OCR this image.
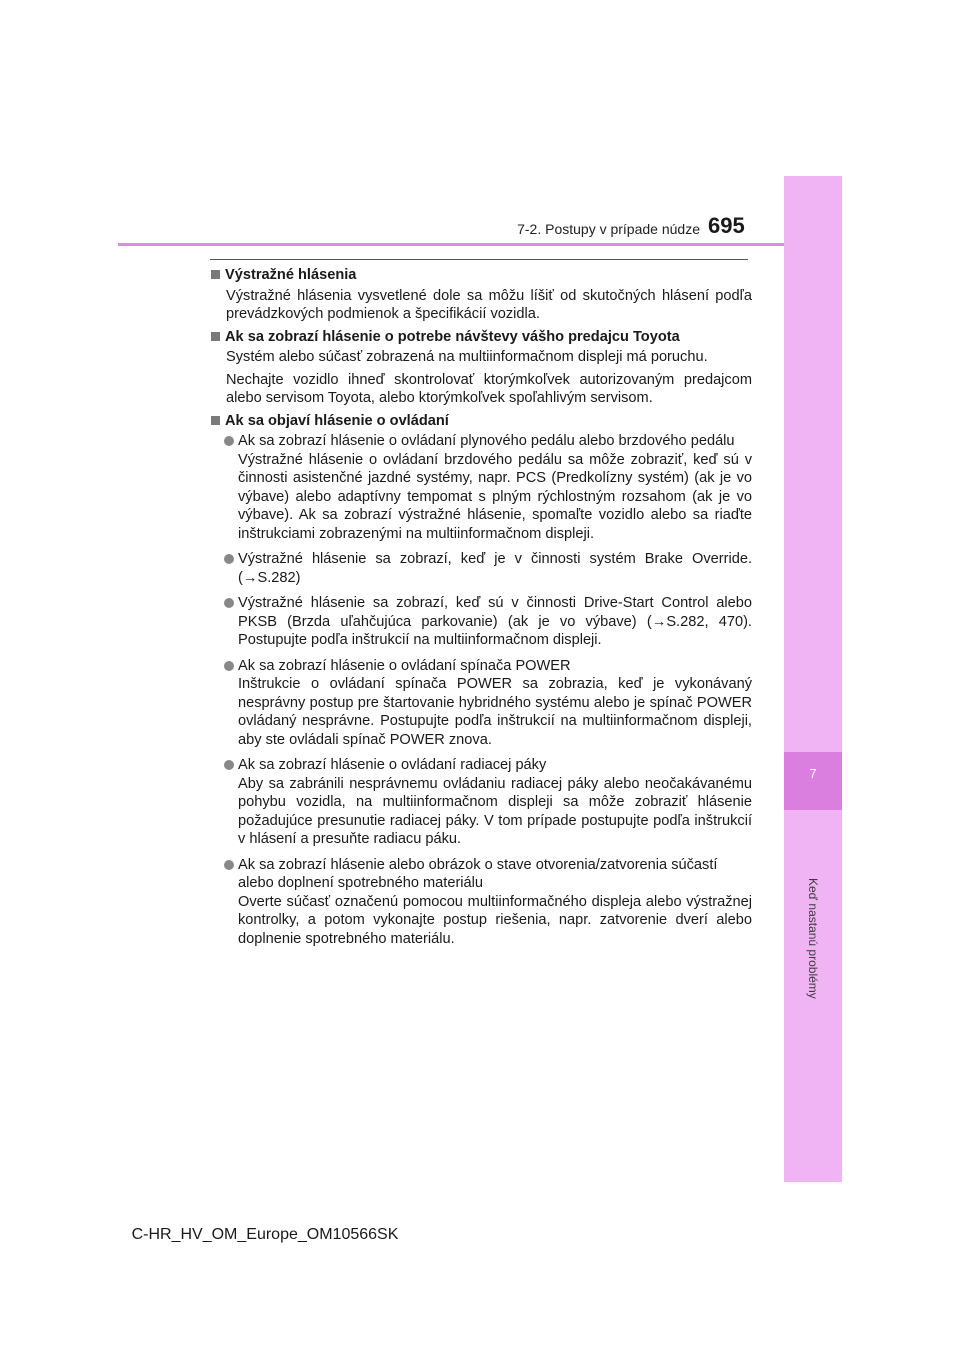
7
Keď nastanú problémy
7-2. Postupy v prípade núdze 695
Výstražné hlásenia
Výstražné hlásenia vysvetlené dole sa môžu líšiť od skutočných hlásení podľa prevádzkových podmienok a špecifikácií vozidla.
Ak sa zobrazí hlásenie o potrebe návštevy vášho predajcu Toyota
Systém alebo súčasť zobrazená na multiinformačnom displeji má poruchu.
Nechajte vozidlo ihneď skontrolovať ktorýmkoľvek autorizovaným predajcom alebo servisom Toyota, alebo ktorýmkoľvek spoľahlivým servisom.
Ak sa objaví hlásenie o ovládaní
Ak sa zobrazí hlásenie o ovládaní plynového pedálu alebo brzdového pedálu
Výstražné hlásenie o ovládaní brzdového pedálu sa môže zobraziť, keď sú v činnosti asistenčné jazdné systémy, napr. PCS (Predkolízny systém) (ak je vo výbave) alebo adaptívny tempomat s plným rýchlostným rozsahom (ak je vo výbave). Ak sa zobrazí výstražné hlásenie, spomaľte vozidlo alebo sa riaďte inštrukciami zobrazenými na multiinformačnom displeji.
Výstražné hlásenie sa zobrazí, keď je v činnosti systém Brake Override. (→S.282)
Výstražné hlásenie sa zobrazí, keď sú v činnosti Drive-Start Control alebo PKSB (Brzda uľahčujúca parkovanie) (ak je vo výbave) (→S.282, 470). Postupujte podľa inštrukcií na multiinformačnom displeji.
Ak sa zobrazí hlásenie o ovládaní spínača POWER
Inštrukcie o ovládaní spínača POWER sa zobrazia, keď je vykonávaný nesprávny postup pre štartovanie hybridného systému alebo je spínač POWER ovládaný nesprávne. Postupujte podľa inštrukcií na multiinformačnom displeji, aby ste ovládali spínač POWER znova.
Ak sa zobrazí hlásenie o ovládaní radiacej páky
Aby sa zabránili nesprávnemu ovládaniu radiacej páky alebo neočakávanému pohybu vozidla, na multiinformačnom displeji sa môže zobraziť hlásenie požadujúce presunutie radiacej páky. V tom prípade postupujte podľa inštrukcií v hlásení a presuňte radiacu páku.
Ak sa zobrazí hlásenie alebo obrázok o stave otvorenia/zatvorenia súčastí alebo doplnení spotrebného materiálu
Overte súčasť označenú pomocou multiinformačného displeja alebo výstražnej kontrolky, a potom vykonajte postup riešenia, napr. zatvorenie dverí alebo doplnenie spotrebného materiálu.
C-HR_HV_OM_Europe_OM10566SK
